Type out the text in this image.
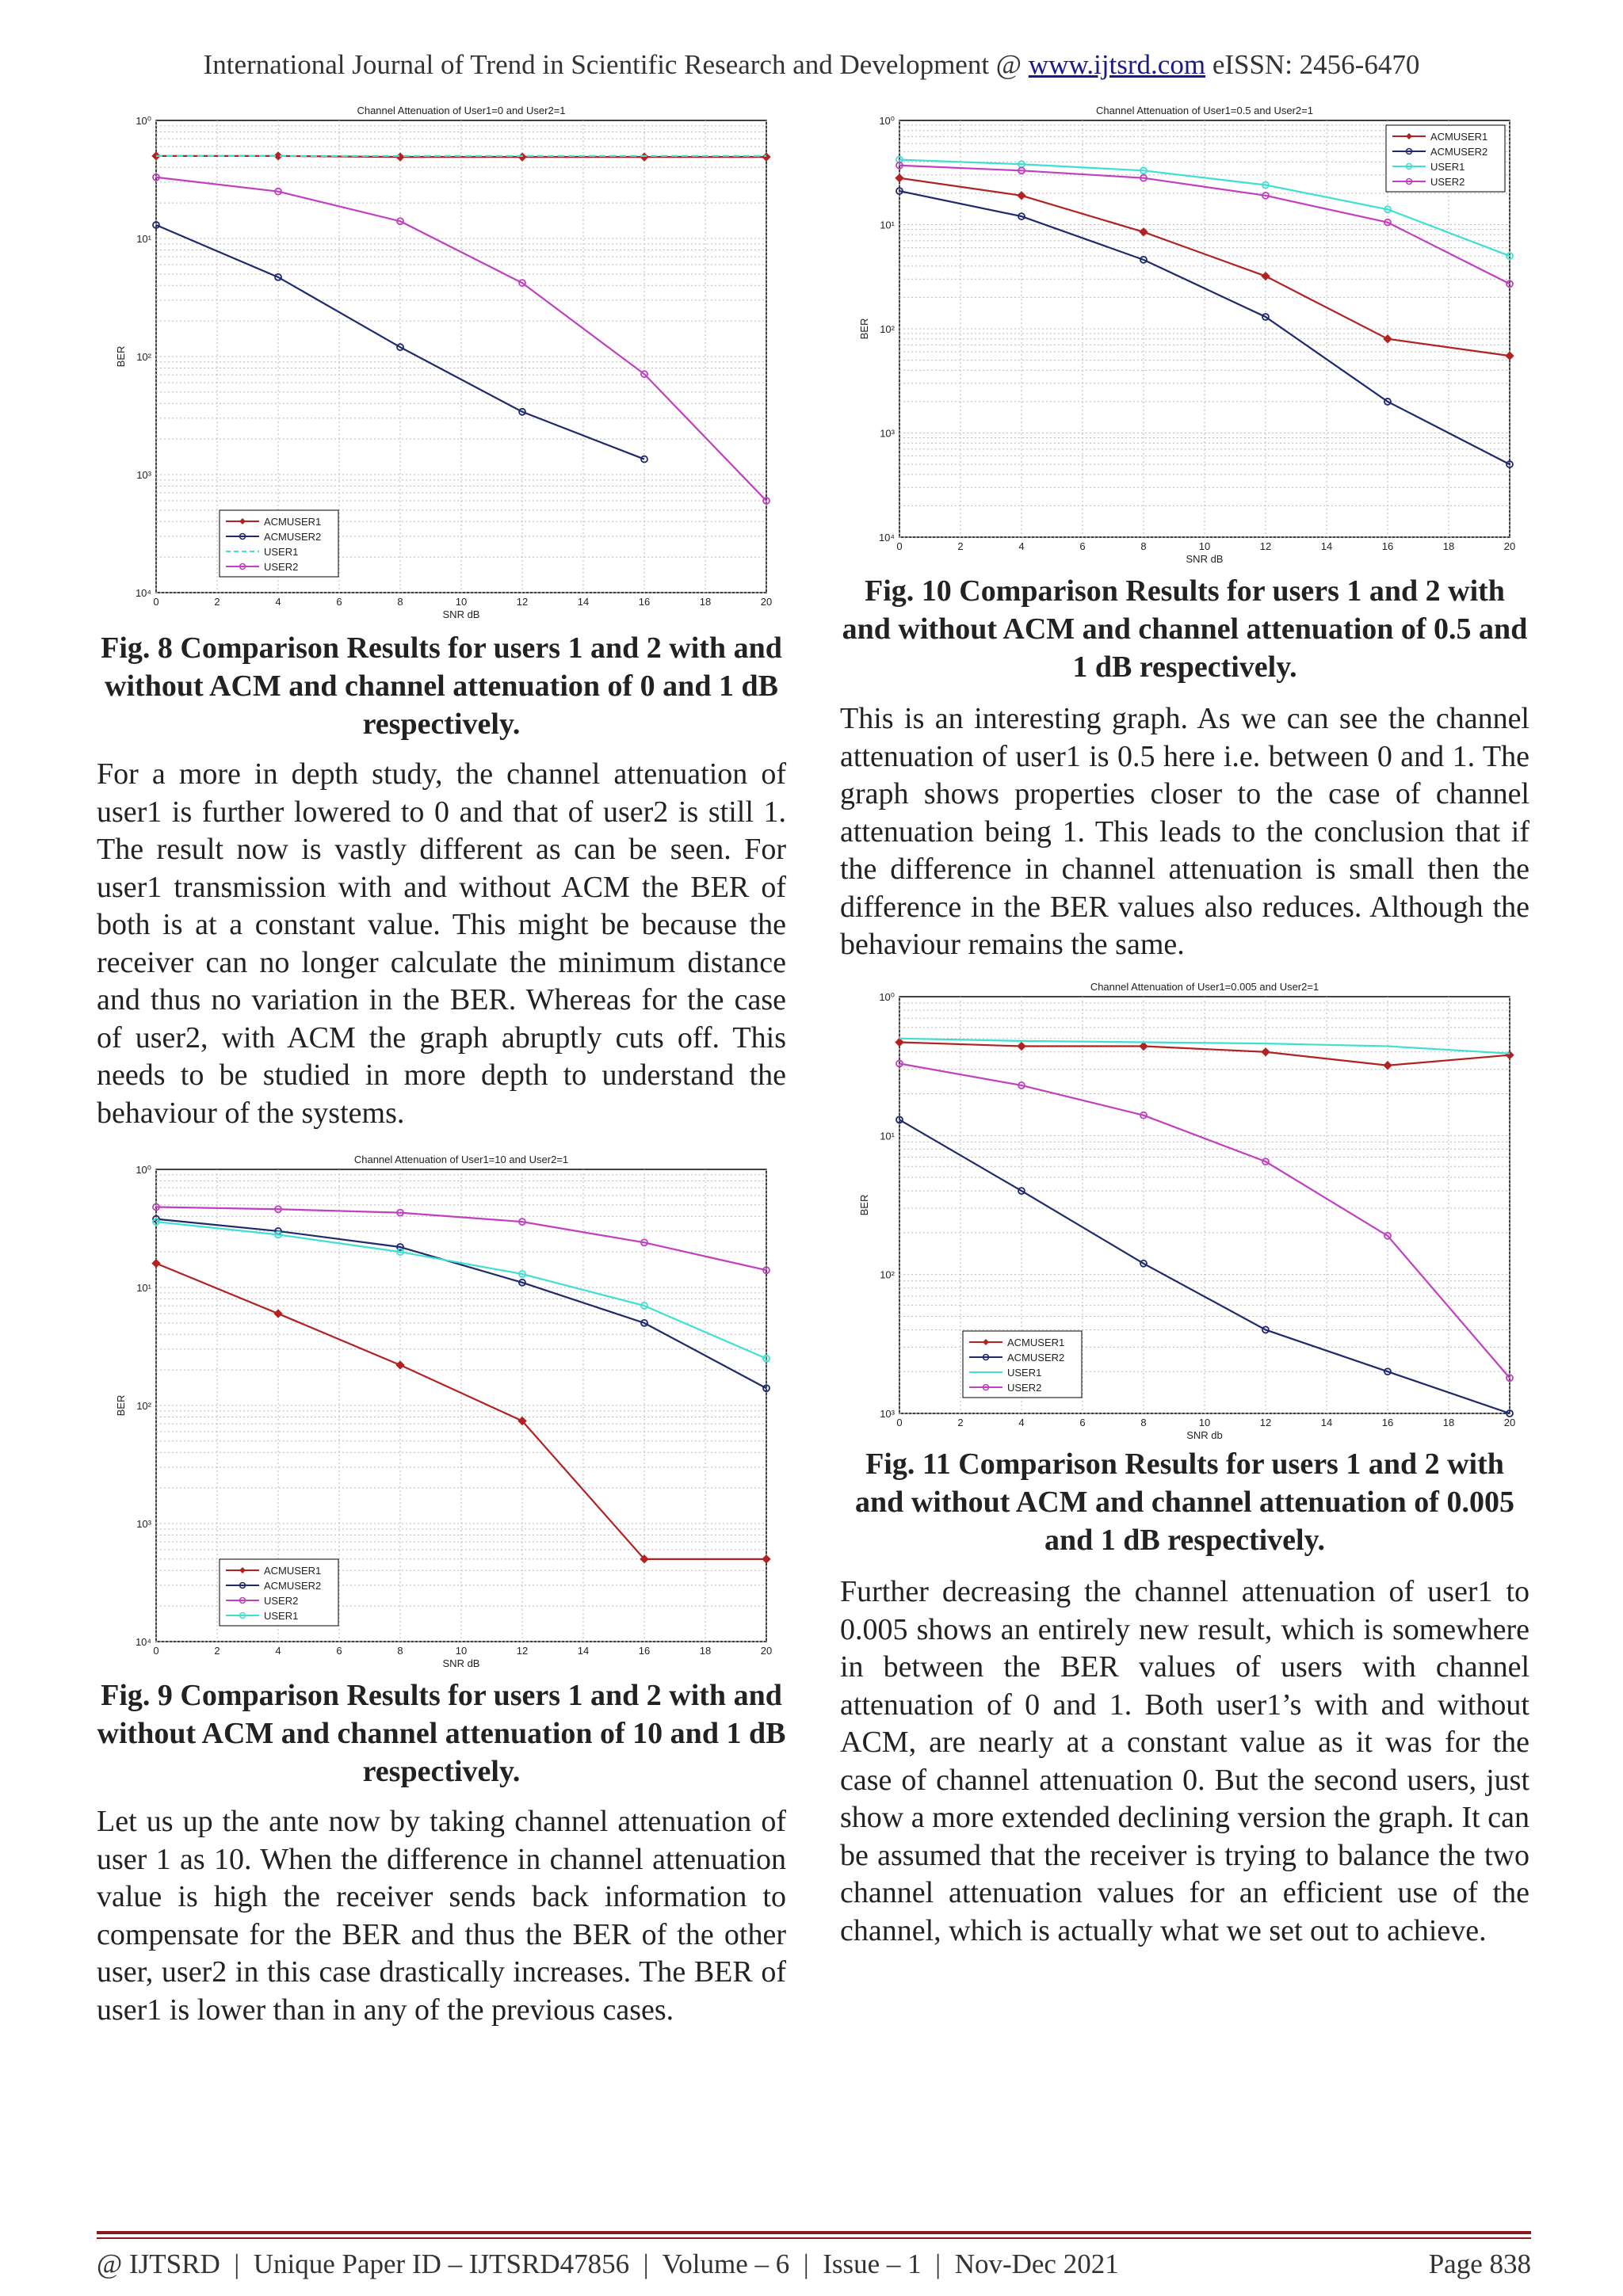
International Journal of Trend in Scientific Research and Development @ www.ijtsrd.com eISSN: 2456-6470
0	2	4	6	8	10	12	14	16	18	20
10⁴
10³
10²
10¹
10⁰
Channel Attenuation of User1=0 and User2=1
SNR dB
BER
ACMUSER1
ACMUSER2
USER1
USER2
Fig. 8 Comparison Results for users 1 and 2 with and without ACM and channel attenuation of 0 and 1 dB respectively.
For a more in depth study, the channel attenuation of user1 is further lowered to 0 and that of user2 is still 1. The result now is vastly different as can be seen. For user1 transmission with and without ACM the BER of both is at a constant value. This might be because the receiver can no longer calculate the minimum distance and thus no variation in the BER. Whereas for the case of user2, with ACM the graph abruptly cuts off. This needs to be studied in more depth to understand the behaviour of the systems.
0	2	4	6	8	10	12	14	16	18	20
10⁴
10³
10²
10¹
10⁰
Channel Attenuation of User1=10 and User2=1
SNR dB
BER
ACMUSER1
ACMUSER2
USER2
USER1
Fig. 9 Comparison Results for users 1 and 2 with and without ACM and channel attenuation of 10 and 1 dB respectively.
Let us up the ante now by taking channel attenuation of user 1 as 10. When the difference in channel attenuation value is high the receiver sends back information to compensate for the BER and thus the BER of the other user, user2 in this case drastically increases. The BER of user1 is lower than in any of the previous cases.
0	2	4	6	8	10	12	14	16	18	20
10⁴
10³
10²
10¹
10⁰
Channel Attenuation of User1=0.5 and User2=1
SNR dB
BER
ACMUSER1
ACMUSER2
USER1
USER2
Fig. 10 Comparison Results for users 1 and 2 with and without ACM and channel attenuation of 0.5 and 1 dB respectively.
This is an interesting graph. As we can see the channel attenuation of user1 is 0.5 here i.e. between 0 and 1. The graph shows properties closer to the case of channel attenuation being 1. This leads to the conclusion that if the difference in channel attenuation is small then the difference in the BER values also reduces. Although the behaviour remains the same.
0	2	4	6	8	10	12	14	16	18	20
10³
10²
10¹
10⁰
Channel Attenuation of User1=0.005 and User2=1
SNR db
BER
ACMUSER1
ACMUSER2
USER1
USER2
Fig. 11 Comparison Results for users 1 and 2 with and without ACM and channel attenuation of 0.005 and 1 dB respectively.
Further decreasing the channel attenuation of user1 to 0.005 shows an entirely new result, which is somewhere in between the BER values of users with channel attenuation of 0 and 1. Both user1’s with and without ACM, are nearly at a constant value as it was for the case of channel attenuation 0. But the second users, just show a more extended declining version the graph. It can be assumed that the receiver is trying to balance the two channel attenuation values for an efficient use of the channel, which is actually what we set out to achieve.
@ IJTSRD  |  Unique Paper ID – IJTSRD47856  |  Volume – 6  |  Issue – 1  |  Nov-Dec 2021	Page 838
